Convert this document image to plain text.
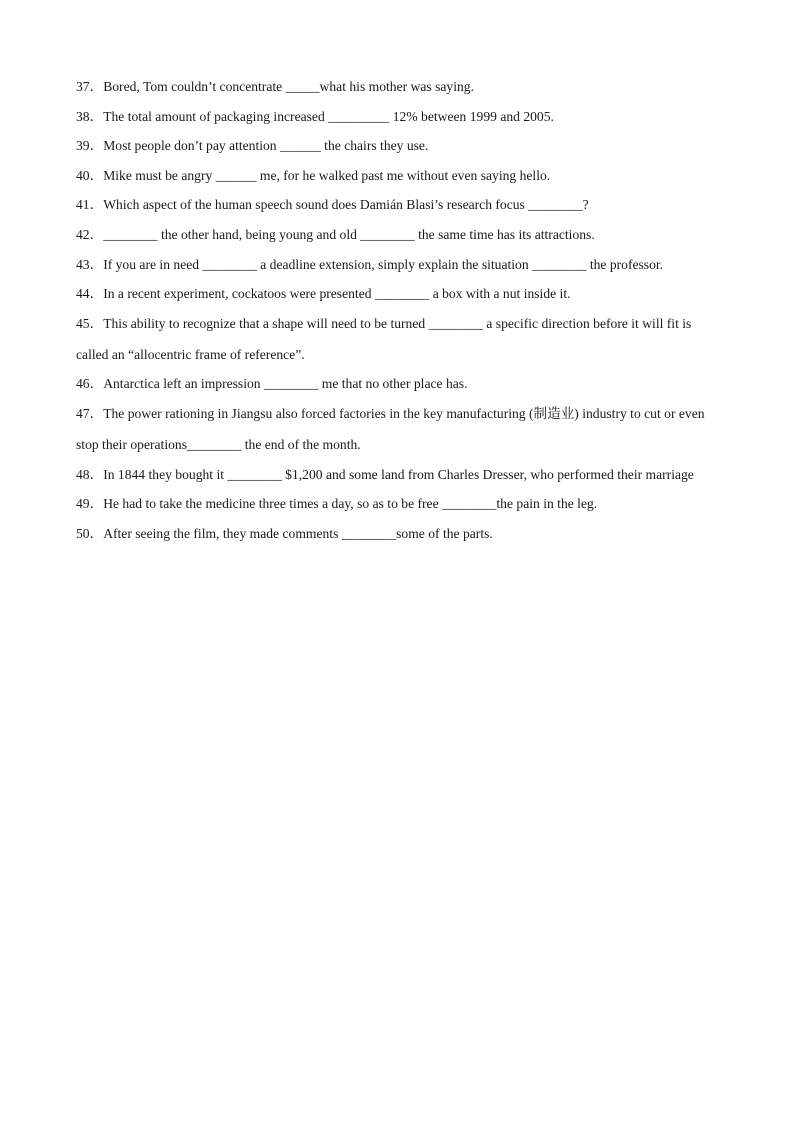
37．Bored, Tom couldn’t concentrate _____what his mother was saying.

38．The total amount of packaging increased _________ 12% between 1999 and 2005.

39．Most people don’t pay attention ______ the chairs they use.

40．Mike must be angry ______ me, for he walked past me without even saying hello.

41．Which aspect of the human speech sound does Damián Blasi’s research focus ________?

42．________ the other hand, being young and old ________ the same time has its attractions.

43．If you are in need ________ a deadline extension, simply explain the situation ________ the professor.

44．In a recent experiment, cockatoos were presented ________ a box with a nut inside it.

45．This ability to recognize that a shape will need to be turned ________ a specific direction before it will fit is called an “allocentric frame of reference”.

46．Antarctica left an impression ________ me that no other place has.

47．The power rationing in Jiangsu also forced factories in the key manufacturing (制造业) industry to cut or even stop their operations________ the end of the month.

48．In 1844 they bought it ________ $1,200 and some land from Charles Dresser, who performed their marriage

49．He had to take the medicine three times a day, so as to be free ________the pain in the leg.

50．After seeing the film, they made comments ________some of the parts.
